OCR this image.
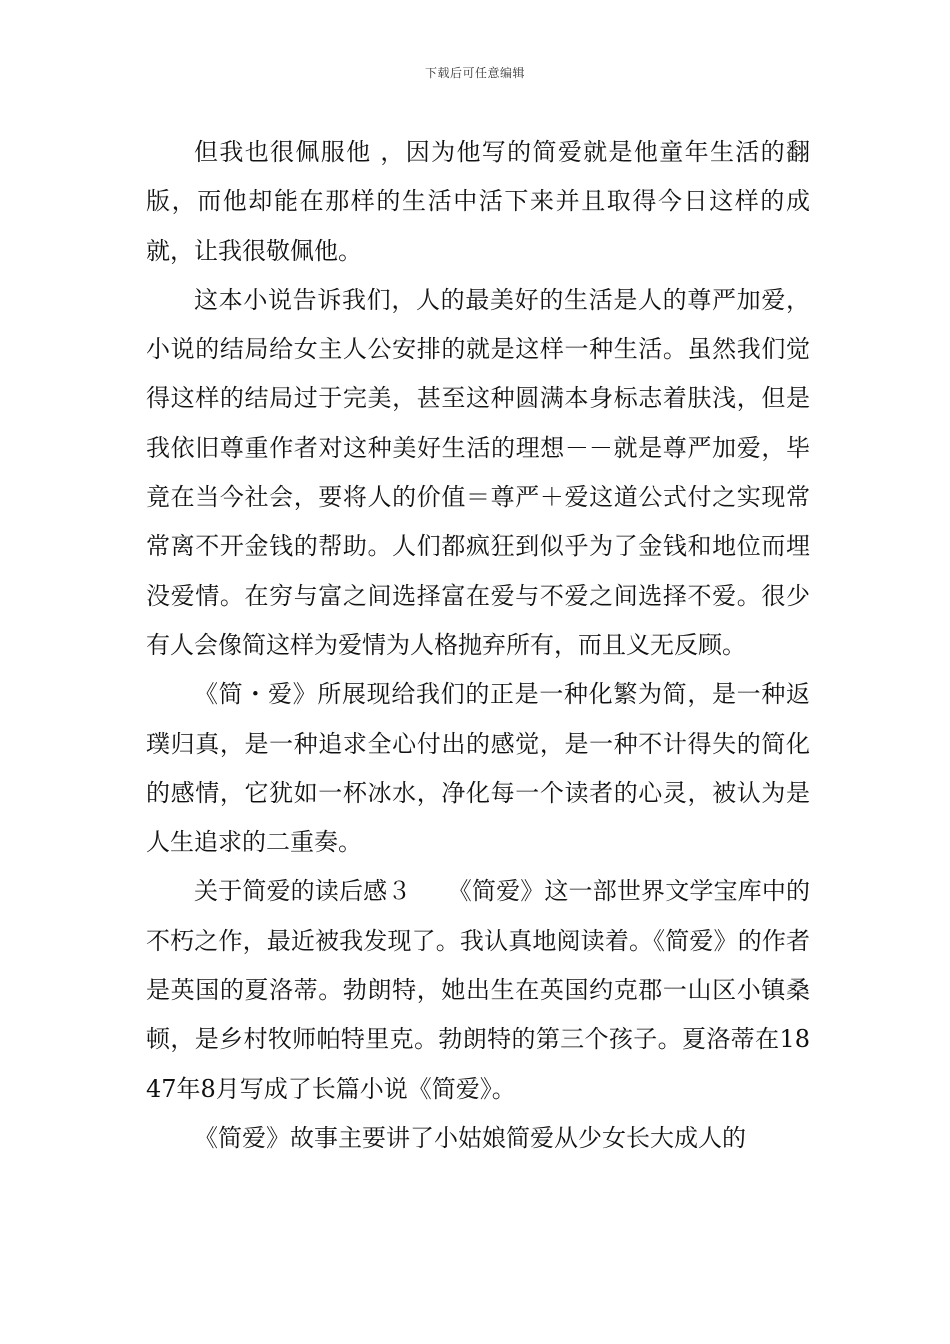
下载后可任意编辑

但我也很佩服他 ，因为他写的简爱就是他童年生活的翻版，而他却能在那样的生活中活下来并且取得今日这样的成就，让我很敬佩他。

这本小说告诉我们，人的最美好的生活是人的尊严加爱，小说的结局给女主人公安排的就是这样一种生活。虽然我们觉得这样的结局过于完美，甚至这种圆满本身标志着肤浅，但是我依旧尊重作者对这种美好生活的理想－－就是尊严加爱，毕竟在当今社会，要将人的价值＝尊严＋爱这道公式付之实现常常离不开金钱的帮助。人们都疯狂到似乎为了金钱和地位而埋没爱情。在穷与富之间选择富在爱与不爱之间选择不爱。很少有人会像简这样为爱情为人格抛弃所有，而且义无反顾。

《简・爱》所展现给我们的正是一种化繁为简，是一种返璞归真，是一种追求全心付出的感觉，是一种不计得失的简化的感情，它犹如一杯冰水，净化每一个读者的心灵，被认为是人生追求的二重奏。

关于简爱的读后感３　　《简爱》这一部世界文学宝库中的不朽之作，最近被我发现了。我认真地阅读着。《简爱》的作者是英国的夏洛蒂。勃朗特，她出生在英国约克郡一山区小镇桑顿，是乡村牧师帕特里克。勃朗特的第三个孩子。夏洛蒂在1847年8月写成了长篇小说《简爱》。

《简爱》故事主要讲了小姑娘简爱从少女长大成人的
